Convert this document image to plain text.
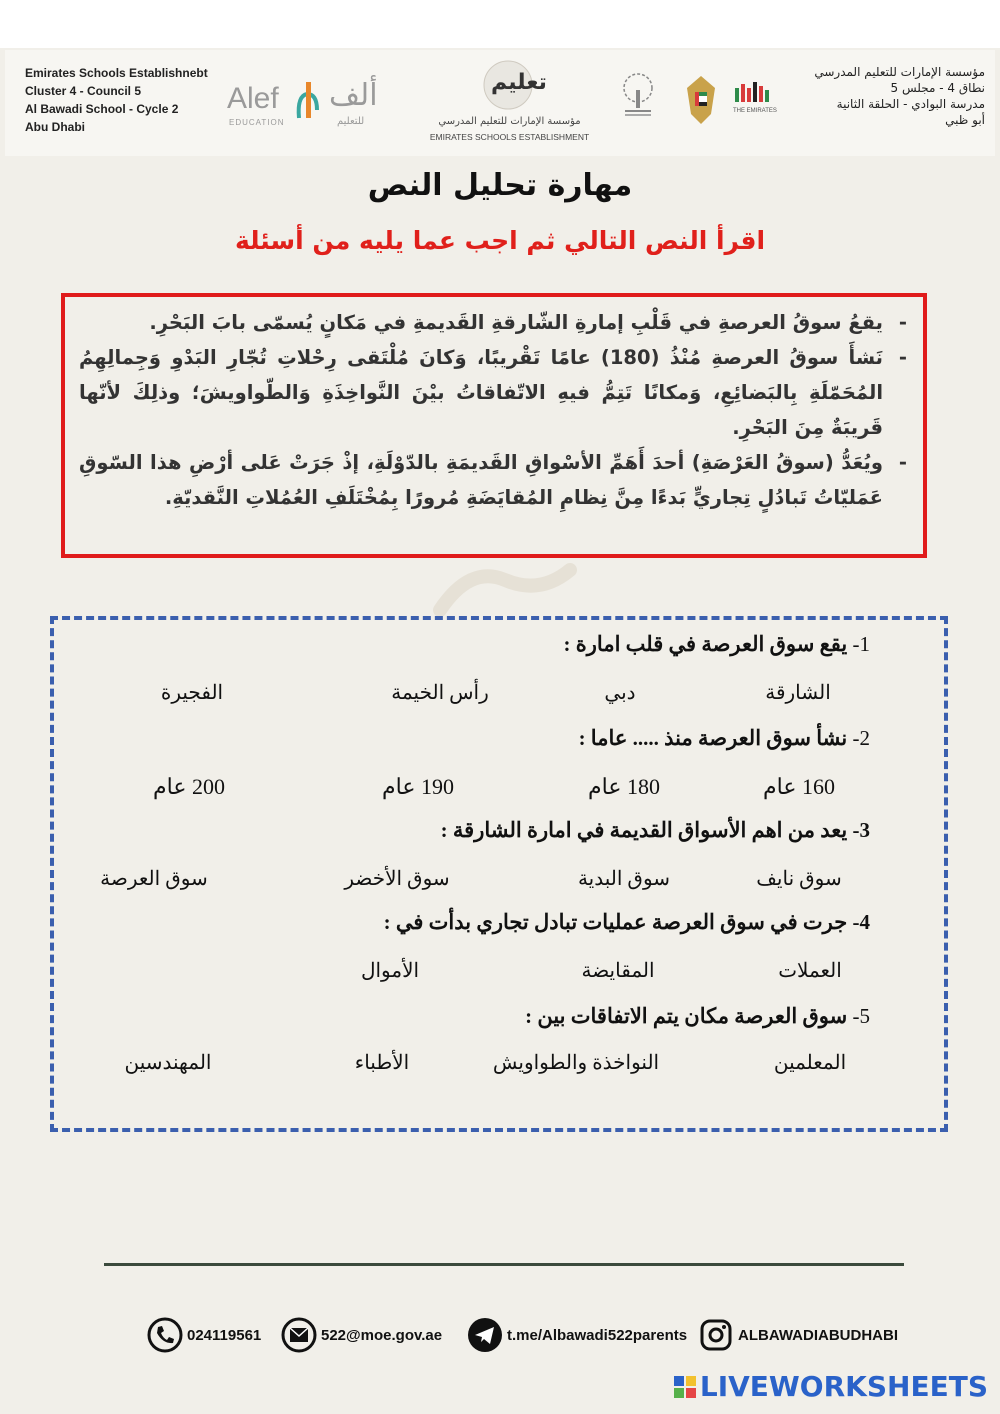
Emirates Schools Establishnebt
Cluster 4 - Council 5
Al Bawadi School - Cycle 2
Abu Dhabi
Alef
EDUCATION
ألف
للتعليم
تعليم
مؤسسة الإمارات للتعليم المدرسي
EMIRATES SCHOOLS ESTABLISHMENT
THE EMIRATES
مؤسسة الإمارات للتعليم المدرسي
نطاق 4 - مجلس 5
مدرسة البوادي - الحلقة الثانية
أبو ظبي
مهارة تحليل النص
اقرأ النص التالي ثم اجب عما يليه من أسئلة
- يقعُ سوقُ العرصةِ في قَلْبِ إمارةِ الشّارقةِ القَديمةِ في مَكانٍ يُسمّى بابَ البَحْرِ.
- نَشأَ سوقُ العرصةِ مُنْذُ (180) عامًا تَقْريبًا، وَكانَ مُلْتَقى رِحْلاتِ تُجّارِ البَدْوِ وَجِمالِهِمُ المُحَمّلَةِ بِالبَضائِعِ، وَمكانًا تَتِمُّ فيهِ الاتّفاقاتُ بيْنَ النَّواخِذَةِ وَالطّواويشَ؛ وذلِكَ لأنّها قَريبَةٌ مِنَ البَحْرِ.
- ويُعَدُّ (سوقُ العَرْصَةِ) أحدَ أَهَمِّ الأسْواقِ القَديمَةِ بالدّوْلَةِ، إذْ جَرَتْ عَلى أرْضِ هذا السّوقِ عَمَليّاتُ تَبادُلٍ تِجاريٍّ بَدءًا مِنَّ نِظامِ المُقايَضَةِ مُرورًا بِمُخْتَلَفِ العُمُلاتِ النَّقديّةِ.
1- يقع سوق العرصة في قلب امارة :
الشارقة
دبي
رأس الخيمة
الفجيرة
2- نشأ سوق العرصة منذ ..... عاما :
160 عام
180 عام
190 عام
200 عام
3- يعد من اهم الأسواق القديمة في امارة الشارقة :
سوق نايف
سوق البدية
سوق الأخضر
سوق العرصة
4- جرت في سوق العرصة عمليات تبادل تجاري بدأت في :
العملات
المقايضة
الأموال
5- سوق العرصة مكان يتم الاتفاقات بين :
المعلمين
النواخذة والطواويش
الأطباء
المهندسين
024119561	522@moe.gov.ae	t.me/Albawadi522parents	ALBAWADIABUDHABI
LIVE WORKSHEETS
